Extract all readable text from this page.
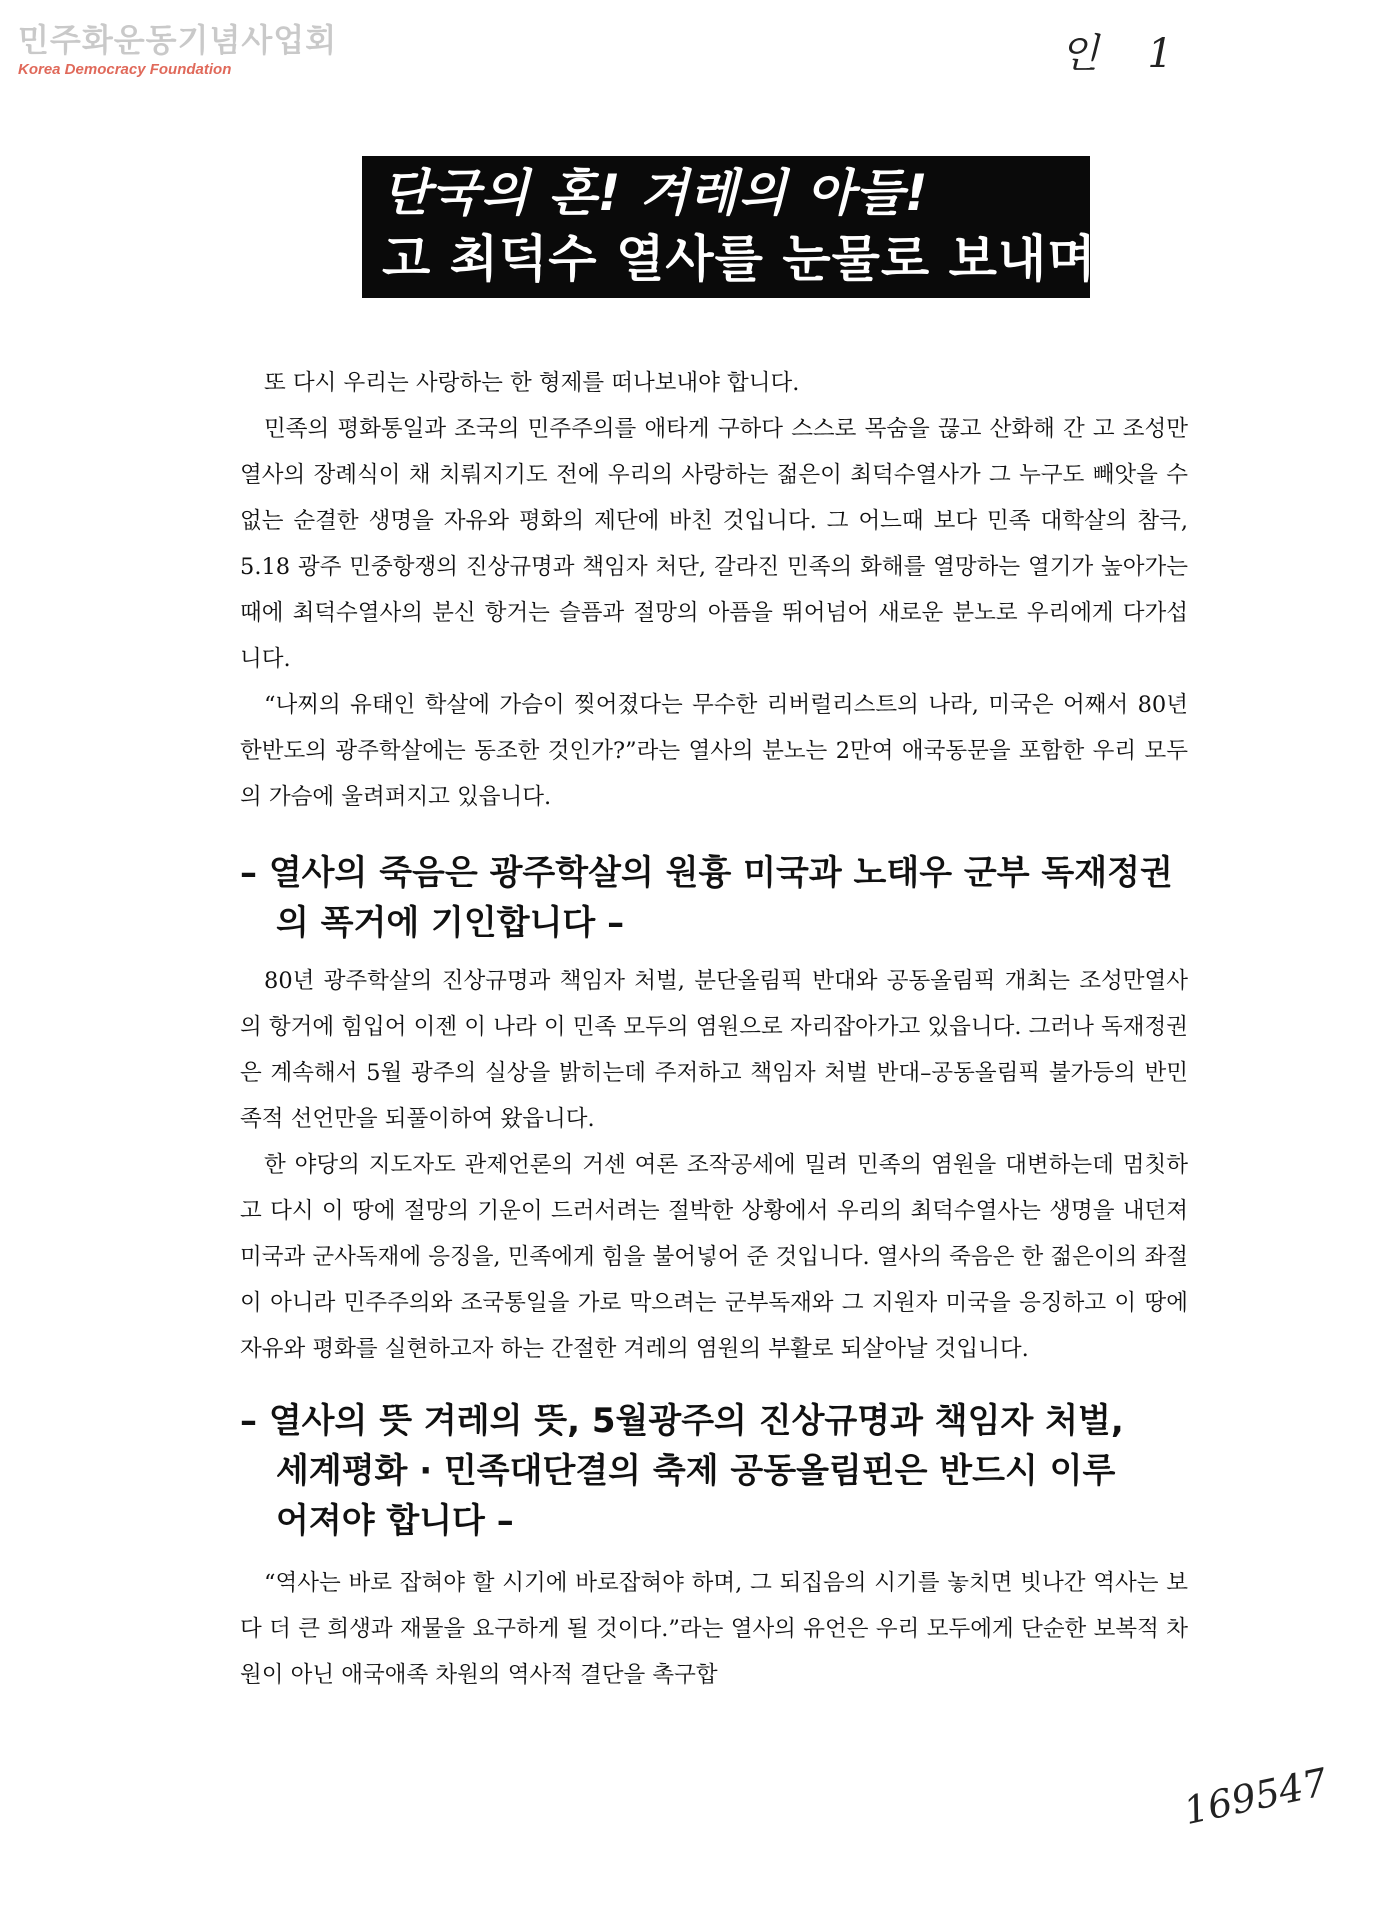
민주화운동기념사업회
Korea Democracy Foundation	인 1
단국의 혼! 겨레의 아들!
고 최덕수 열사를 눈물로 보내며

또 다시 우리는 사랑하는 한 형제를 떠나보내야 합니다.

민족의 평화통일과 조국의 민주주의를 애타게 구하다 스스로 목숨을 끊고 산화해 간 고 조성만열사의 장례식이 채 치뤄지기도 전에 우리의 사랑하는 젊은이 최덕수열사가 그 누구도 빼앗을 수 없는 순결한 생명을 자유와 평화의 제단에 바친 것입니다. 그 어느때 보다 민족 대학살의 참극, 5.18 광주 민중항쟁의 진상규명과 책임자 처단, 갈라진 민족의 화해를 열망하는 열기가 높아가는 때에 최덕수열사의 분신 항거는 슬픔과 절망의 아픔을 뛰어넘어 새로운 분노로 우리에게 다가섭니다.

“나찌의 유태인 학살에 가슴이 찢어졌다는 무수한 리버럴리스트의 나라, 미국은 어째서 80년 한반도의 광주학살에는 동조한 것인가?”라는 열사의 분노는 2만여 애국동문을 포함한 우리 모두의 가슴에 울려퍼지고 있읍니다.

– 열사의 죽음은 광주학살의 원흉 미국과 노태우 군부 독재정권의 폭거에 기인합니다 –

80년 광주학살의 진상규명과 책임자 처벌, 분단올림픽 반대와 공동올림픽 개최는 조성만열사의 항거에 힘입어 이젠 이 나라 이 민족 모두의 염원으로 자리잡아가고 있읍니다. 그러나 독재정권은 계속해서 5월 광주의 실상을 밝히는데 주저하고 책임자 처벌 반대–공동올림픽 불가등의 반민족적 선언만을 되풀이하여 왔읍니다.

한 야당의 지도자도 관제언론의 거센 여론 조작공세에 밀려 민족의 염원을 대변하는데 멈칫하고 다시 이 땅에 절망의 기운이 드러서려는 절박한 상황에서 우리의 최덕수열사는 생명을 내던져 미국과 군사독재에 응징을, 민족에게 힘을 불어넣어 준 것입니다. 열사의 죽음은 한 젊은이의 좌절이 아니라 민주주의와 조국통일을 가로 막으려는 군부독재와 그 지원자 미국을 응징하고 이 땅에 자유와 평화를 실현하고자 하는 간절한 겨레의 염원의 부활로 되살아날 것입니다.

– 열사의 뜻 겨레의 뜻, 5월광주의 진상규명과 책임자 처벌, 세계평화 · 민족대단결의 축제 공동올림핀은 반드시 이루어져야 합니다 –

“역사는 바로 잡혀야 할 시기에 바로잡혀야 하며, 그 되집음의 시기를 놓치면 빗나간 역사는 보다 더 큰 희생과 재물을 요구하게 될 것이다.”라는 열사의 유언은 우리 모두에게 단순한 보복적 차원이 아닌 애국애족 차원의 역사적 결단을 촉구합

169547
